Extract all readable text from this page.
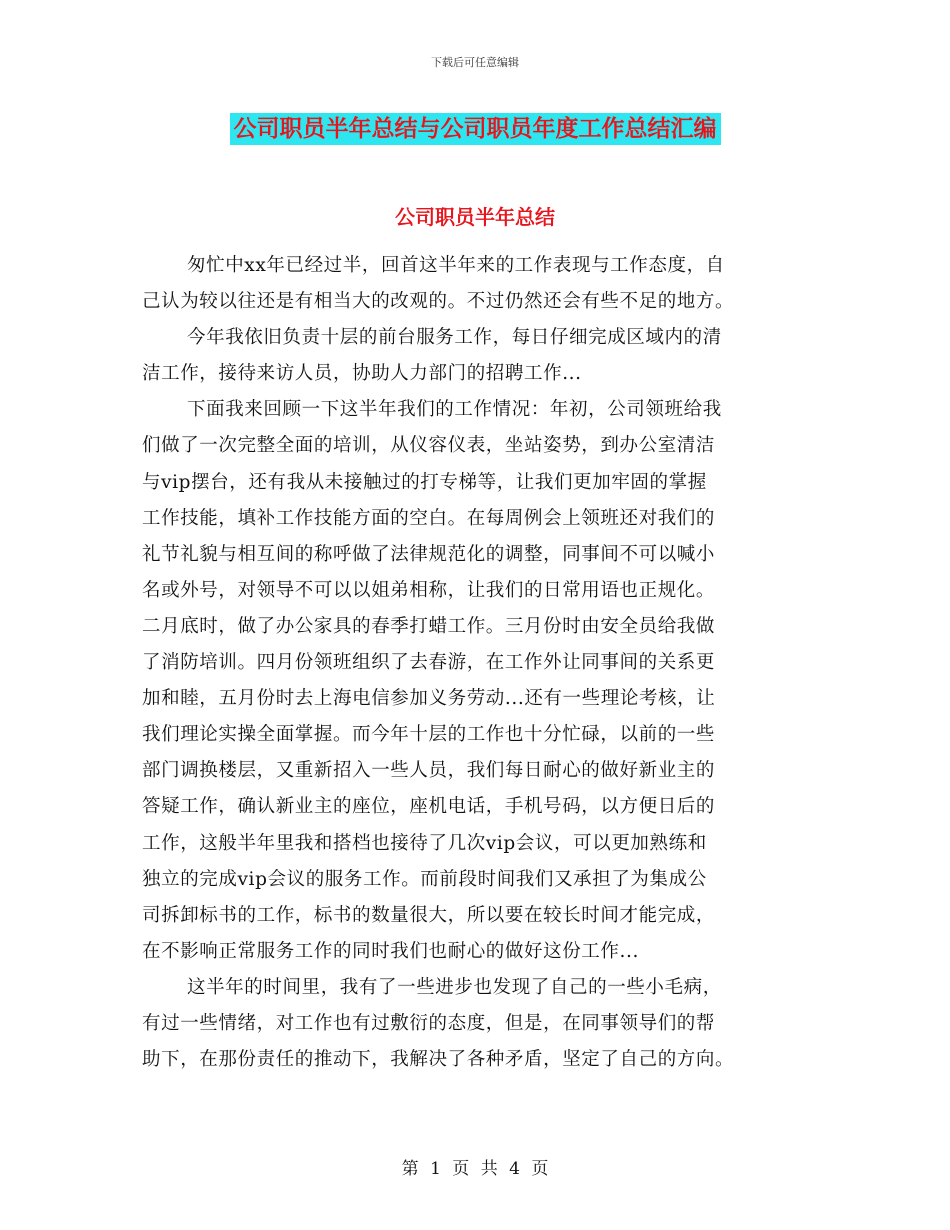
下载后可任意编辑
公司职员半年总结与公司职员年度工作总结汇编
公司职员半年总结
匆忙中xx年已经过半，回首这半年来的工作表现与工作态度，自
己认为较以往还是有相当大的改观的。不过仍然还会有些不足的地方。
今年我依旧负责十层的前台服务工作，每日仔细完成区域内的清
洁工作，接待来访人员，协助人力部门的招聘工作...
下面我来回顾一下这半年我们的工作情况：年初，公司领班给我
们做了一次完整全面的培训，从仪容仪表，坐站姿势，到办公室清洁
与vip摆台，还有我从未接触过的打专梯等，让我们更加牢固的掌握
工作技能，填补工作技能方面的空白。在每周例会上领班还对我们的
礼节礼貌与相互间的称呼做了法律规范化的调整，同事间不可以喊小
名或外号，对领导不可以以姐弟相称，让我们的日常用语也正规化。
二月底时，做了办公家具的春季打蜡工作。三月份时由安全员给我做
了消防培训。四月份领班组织了去春游，在工作外让同事间的关系更
加和睦，五月份时去上海电信参加义务劳动...还有一些理论考核，让
我们理论实操全面掌握。而今年十层的工作也十分忙碌，以前的一些
部门调换楼层，又重新招入一些人员，我们每日耐心的做好新业主的
答疑工作，确认新业主的座位，座机电话，手机号码，以方便日后的
工作，这般半年里我和搭档也接待了几次vip会议，可以更加熟练和
独立的完成vip会议的服务工作。而前段时间我们又承担了为集成公
司拆卸标书的工作，标书的数量很大，所以要在较长时间才能完成，
在不影响正常服务工作的同时我们也耐心的做好这份工作...
这半年的时间里，我有了一些进步也发现了自己的一些小毛病，
有过一些情绪，对工作也有过敷衍的态度，但是，在同事领导们的帮
助下，在那份责任的推动下，我解决了各种矛盾，坚定了自己的方向。
第 1 页 共 4 页
